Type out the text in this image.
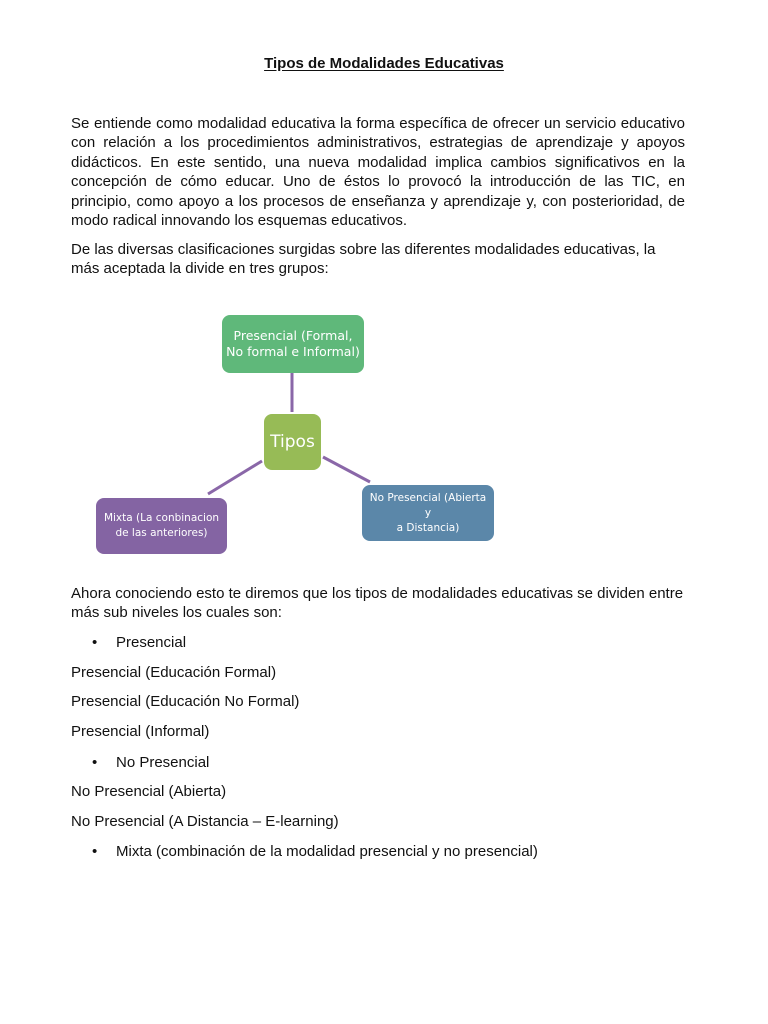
Tipos de Modalidades Educativas

Se entiende como modalidad educativa la forma específica de ofrecer un servicio educativo con relación a los procedimientos administrativos, estrategias de aprendizaje y apoyos didácticos. En este sentido, una nueva modalidad implica cambios significativos en la concepción de cómo educar. Uno de éstos lo provocó la introducción de las TIC, en principio, como apoyo a los procesos de enseñanza y aprendizaje y, con posterioridad, de modo radical innovando los esquemas educativos.

De las diversas clasificaciones surgidas sobre las diferentes modalidades educativas, la más aceptada la divide en tres grupos:

Presencial (Formal,
No formal e Informal)
Tipos
Mixta (La conbinacion
de las anteriores)
No Presencial (Abierta y
a Distancia)

Ahora conociendo esto te diremos que los tipos de modalidades educativas se dividen entre más sub niveles los cuales son:

• Presencial
Presencial (Educación Formal)
Presencial (Educación No Formal)
Presencial (Informal)
• No Presencial
No Presencial (Abierta)
No Presencial (A Distancia – E-learning)
• Mixta (combinación de la modalidad presencial y no presencial)
